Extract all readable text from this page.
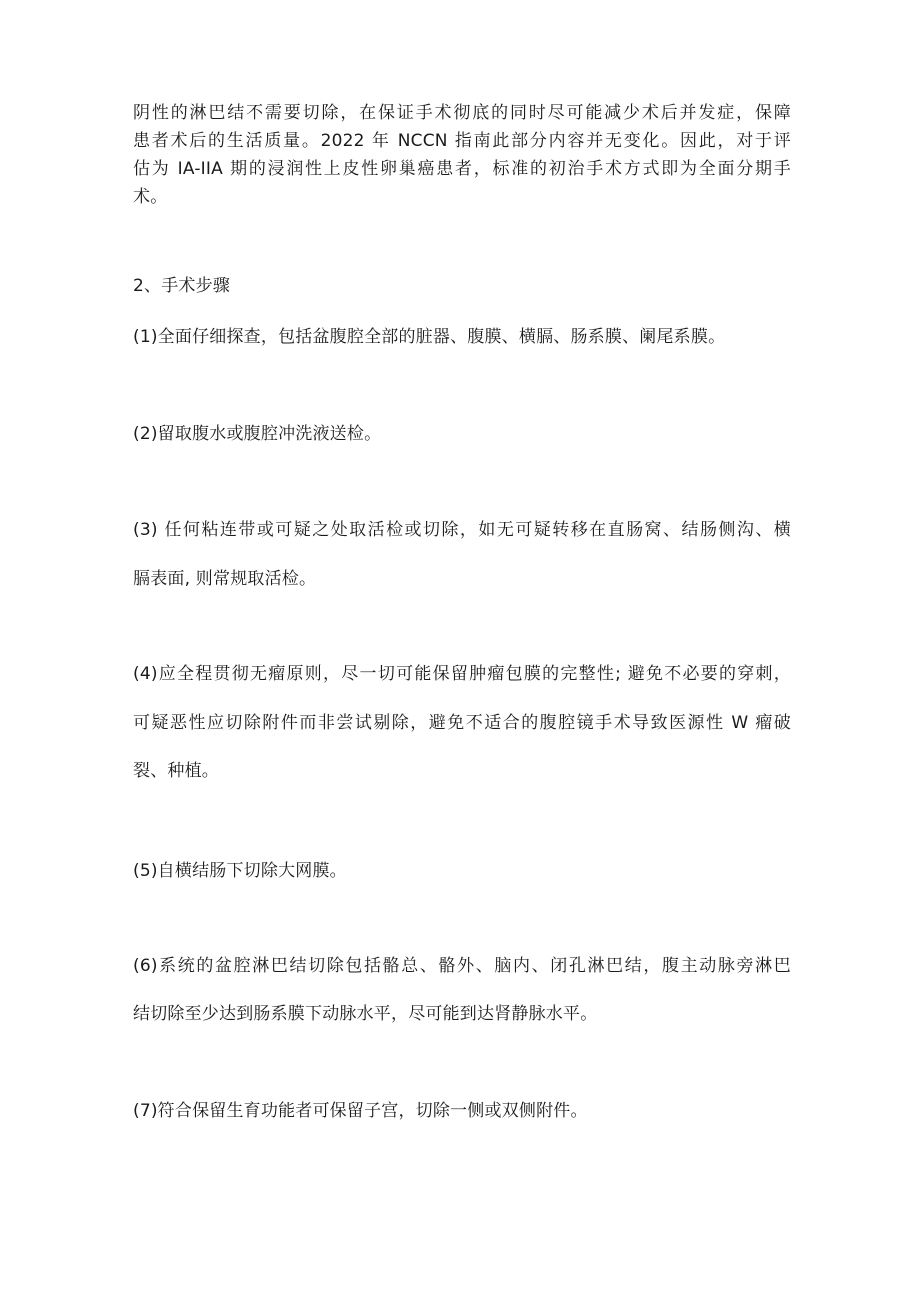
阴性的淋巴结不需要切除，在保证手术彻底的同时尽可能减少术后并发症，保障
患者术后的生活质量。2022 年 NCCN 指南此部分内容并无变化。因此，对于评
估为 IA-IIA 期的浸润性上皮性卵巢癌患者，标准的初治手术方式即为全面分期手
术。
2、手术步骤
(1)全面仔细探查，包括盆腹腔全部的脏器、腹膜、横膈、肠系膜、阑尾系膜。
(2)留取腹水或腹腔冲洗液送检。
(3) 任何粘连带或可疑之处取活检或切除，如无可疑转移在直肠窝、结肠侧沟、横
膈表面, 则常规取活检。
(4)应全程贯彻无瘤原则，尽一切可能保留肿瘤包膜的完整性; 避免不必要的穿刺，
可疑恶性应切除附件而非尝试剔除，避免不适合的腹腔镜手术导致医源性 W 瘤破
裂、种植。
(5)自横结肠下切除大网膜。
(6)系统的盆腔淋巴结切除包括骼总、骼外、脑内、闭孔淋巴结，腹主动脉旁淋巴
结切除至少达到肠系膜下动脉水平，尽可能到达肾静脉水平。
(7)符合保留生育功能者可保留子宫，切除一侧或双侧附件。
